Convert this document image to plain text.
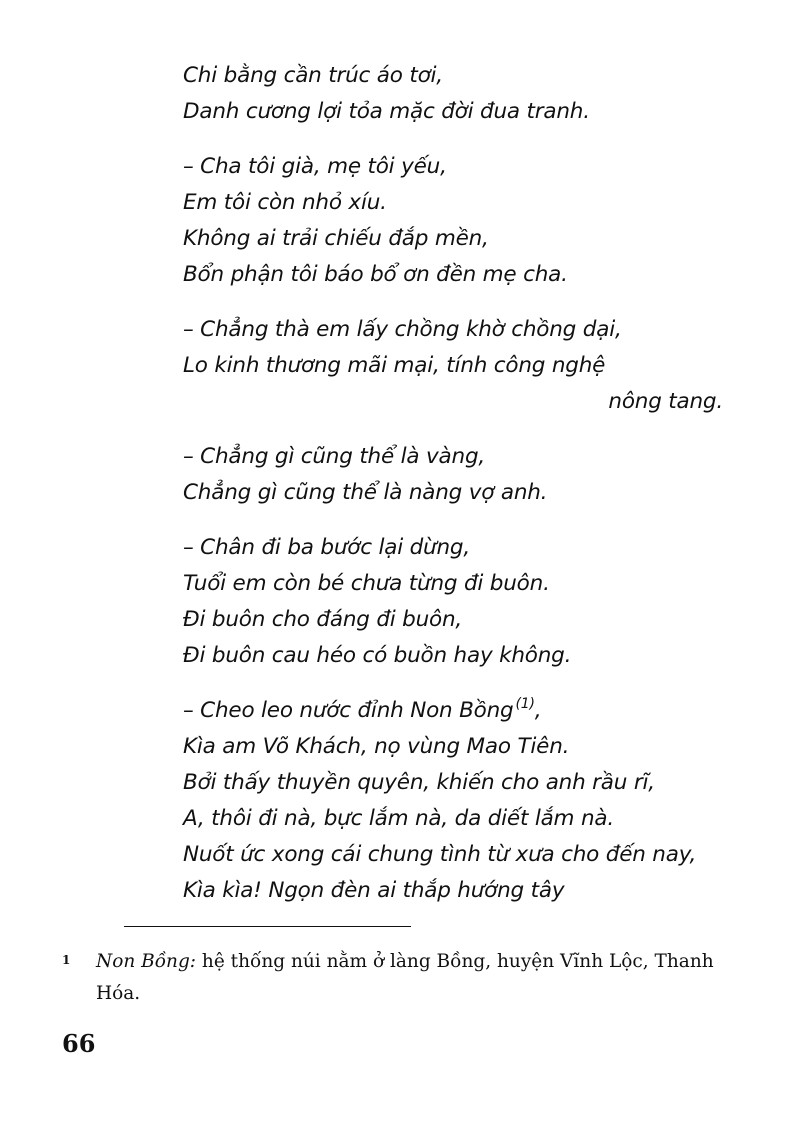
Chi bằng cần trúc áo tơi,
Danh cương lợi tỏa mặc đời đua tranh.
– Cha tôi già, mẹ tôi yếu,
Em tôi còn nhỏ xíu.
Không ai trải chiếu đắp mền,
Bổn phận tôi báo bổ ơn đền mẹ cha.
– Chẳng thà em lấy chồng khờ chồng dại,
Lo kinh thương mãi mại, tính công nghệ
nông tang.
– Chẳng gì cũng thể là vàng,
Chẳng gì cũng thể là nàng vợ anh.
– Chân đi ba bước lại dừng,
Tuổi em còn bé chưa từng đi buôn.
Đi buôn cho đáng đi buôn,
Đi buôn cau héo có buồn hay không.
– Cheo leo nước đỉnh Non Bồng $^{(1)}$,
Kìa am Võ Khách, nọ vùng Mao Tiên.
Bởi thấy thuyền quyên, khiến cho anh rầu rĩ,
A, thôi đi nà, bực lắm nà, da diết lắm nà.
Nuốt ức xong cái chung tình từ xưa cho đến nay,
Kìa kìa! Ngọn đèn ai thắp hướng tây
1 Non Bồng: hệ thống núi nằm ở làng Bồng, huyện Vĩnh Lộc, Thanh Hóa.
66
